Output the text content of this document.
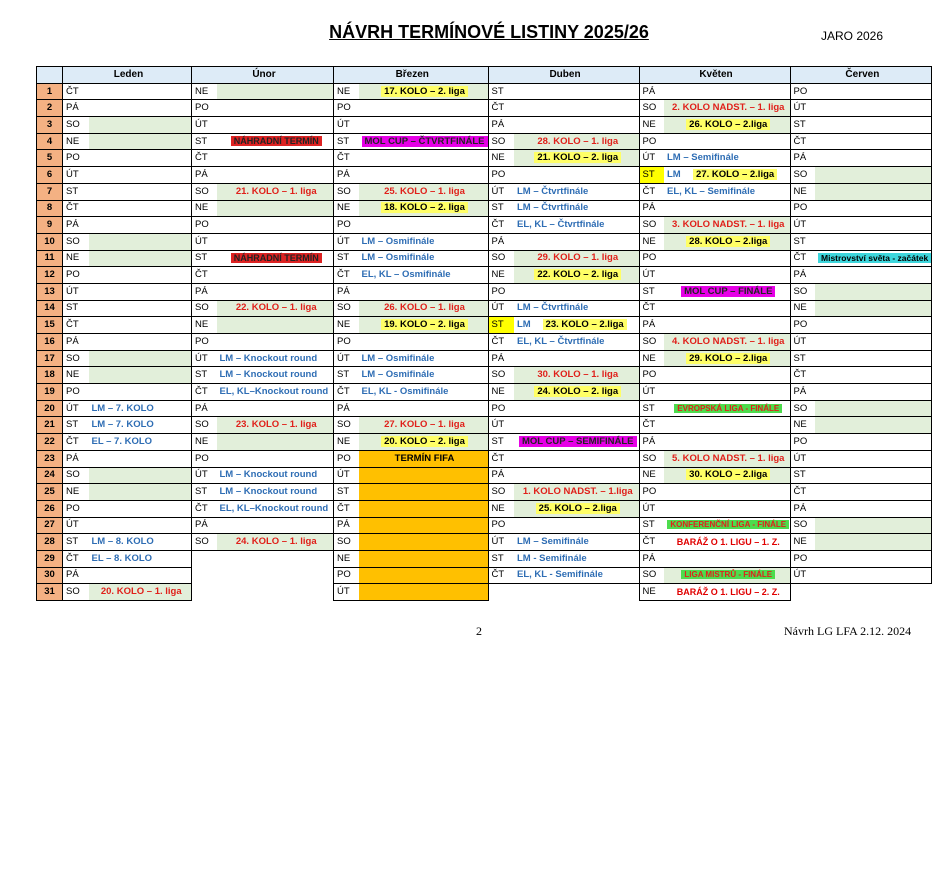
NÁVRH TERMÍNOVÉ LISTINY 2025/26	JARO 2026
	Leden		Únor		Březen		Duben		Květen		Červen	
1	ČT		NE		NE	17. KOLO – 2. liga	ST		PÁ		PO	
2	PÁ		PO		PO		ČT		SO	2. KOLO NADST. – 1. liga	ÚT	
3	SO		ÚT		ÚT		PÁ		NE	26. KOLO – 2.liga	ST	
4	NE		ST	NÁHRADNÍ TERMÍN	ST	MOL CUP – ČTVRTFINÁLE	SO	28. KOLO – 1. liga	PO		ČT	
5	PO		ČT		ČT		NE	21. KOLO – 2. liga	ÚT	LM – Semifinále	PÁ	
6	ÚT		PÁ		PÁ		PO		ST	LM 27. KOLO – 2.liga	SO	
7	ST		SO	21. KOLO – 1. liga	SO	25. KOLO – 1. liga	ÚT	LM – Čtvrtfinále	ČT	EL, KL – Semifinále	NE	
8	ČT		NE		NE	18. KOLO – 2. liga	ST	LM – Čtvrtfinále	PÁ		PO	
9	PÁ		PO		PO		ČT	EL, KL – Čtvrtfinále	SO	3. KOLO NADST. – 1. liga	ÚT	
10	SO		ÚT		ÚT	LM – Osmifinále	PÁ		NE	28. KOLO – 2.liga	ST	
11	NE		ST	NÁHRADNÍ TERMÍN	ST	LM – Osmifinále	SO	29. KOLO – 1. liga	PO		ČT	Mistrovství světa - začátek
12	PO		ČT		ČT	EL, KL – Osmifinále	NE	22. KOLO – 2. liga	ÚT		PÁ	
13	ÚT		PÁ		PÁ		PO		ST	MOL CUP – FINÁLE	SO	
14	ST		SO	22. KOLO – 1. liga	SO	26. KOLO – 1. liga	ÚT	LM – Čtvrtfinále	ČT		NE	
15	ČT		NE		NE	19. KOLO – 2. liga	ST	LM 23. KOLO – 2.liga	PÁ		PO	
16	PÁ		PO		PO		ČT	EL, KL – Čtvrtfinále	SO	4. KOLO NADST. – 1. liga	ÚT	
17	SO		ÚT	LM – Knockout round	ÚT	LM – Osmifinále	PÁ		NE	29. KOLO – 2.liga	ST	
18	NE		ST	LM – Knockout round	ST	LM – Osmifinále	SO	30. KOLO – 1. liga	PO		ČT	
19	PO		ČT	EL, KL–Knockout round	ČT	EL, KL - Osmifinále	NE	24. KOLO – 2. liga	ÚT		PÁ	
20	ÚT	LM – 7. KOLO	PÁ		PÁ		PO		ST	EVROPSKÁ LIGA - FINÁLE	SO	
21	ST	LM – 7. KOLO	SO	23. KOLO – 1. liga	SO	27. KOLO – 1. liga	ÚT		ČT		NE	
22	ČT	EL – 7. KOLO	NE		NE	20. KOLO – 2. liga	ST	MOL CUP – SEMIFINÁLE	PÁ		PO	
23	PÁ		PO		PO	TERMÍN FIFA	ČT		SO	5. KOLO NADST. – 1. liga	ÚT	
24	SO		ÚT	LM – Knockout round	ÚT		PÁ		NE	30. KOLO – 2.liga	ST	
25	NE		ST	LM – Knockout round	ST		SO	1. KOLO NADST. – 1.liga	PO		ČT	
26	PO		ČT	EL, KL–Knockout round	ČT		NE	25. KOLO – 2.liga	ÚT		PÁ	
27	ÚT		PÁ		PÁ		PO		ST	KONFERENČNÍ LIGA - FINÁLE	SO	
28	ST	LM – 8. KOLO	SO	24. KOLO – 1. liga	SO		ÚT	LM – Semifinále	ČT	BARÁŽ O 1. LIGU – 1. Z.	NE	
29	ČT	EL – 8. KOLO			NE		ST	LM - Semifinále	PÁ		PO	
30	PÁ				PO		ČT	EL, KL - Semifinále	SO	LIGA MISTRŮ - FINÁLE	ÚT	
31	SO	20. KOLO – 1. liga			ÚT				NE	BARÁŽ O 1. LIGU – 2. Z.		
2	Návrh LG LFA 2.12. 2024
